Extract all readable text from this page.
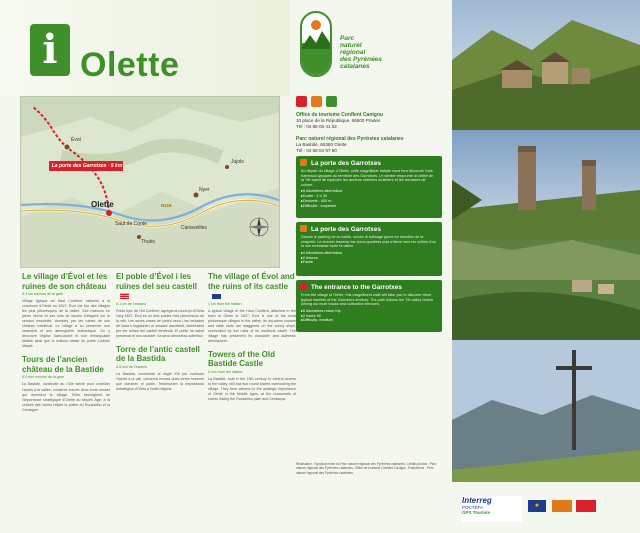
i Olette
La porte des Garrotxes · 5 km
Olette
Évol
Jujols
Saut de Conte
Nyer
Thuès
Canaveilles
N116
Parc
naturel
régional
des Pyrénées
catalanes
Office de tourisme Conflent Canigou
10 place de la République, 66500 Prades
Tél : 04 68 05 41 02
Parc naturel régional des Pyrénées catalanes
La Bastide, 66360 Olette
Tél : 04 68 04 97 60
La porte des Garrotxes
Au départ du village d’Olette, cette magnifique balade vous fera découvrir trois hameaux typiques du territoire des Garrotxes. Le sentier emprunte la vallée de la Têt avant de rejoindre les anciens chemins muletiers et les terrasses de culture.
▸ 5 kilomètres aller/retour
▸ Durée : 2 h 30
▸ Dénivelé : 400 m
▸ Difficulté : moyenne
La porte des Garrotxes
Depuis le parking de la mairie, suivez le balisage jaune en direction de la chapelle. Le chemin traverse les vieux quartiers puis s’élève vers les crêtes d’où la vue embrasse toute la vallée.
▸ 4 kilomètres aller/retour
▸ 2 heures
▸ Facile
The entrance to the Garrotxes
From the village of Olette, this magnificent walk will take you to discover three typical hamlets of the Garrotxes territory. The path follows the Têt valley before joining old mule tracks and cultivation terraces.
▸ 5 kilometres return trip
▸ 2 hours 30
▸ Difficulty: medium
Réalisation : Syndicat mixte du Parc naturel régional des Pyrénées catalanes. Crédits photos : Parc naturel régional des Pyrénées catalanes, Office de tourisme Conflent Canigou. Traductions : Parc naturel régional des Pyrénées catalanes.
Le village d’Évol et les ruines de son château
À 1 km environ de la gare
Village typique du Haut Conflent, rattaché à la commune d’Olette en 1827, Évol est l’un des villages les plus pittoresques de la vallée. Ses maisons en pierre sèche et ses toits de lauzes s’étagent sur le versant ensoleillé, dominés par les ruines de son château médiéval. Le village a su préserver son caractère et son atmosphère authentique. On y découvre l’église Saint-André et son remarquable retable ainsi que la maison natale du poète Ludovic Massé.
Tours de l’ancien château de la Bastide
À 5 min environ de la gare
La Bastide, construite au XIIIe siècle pour contrôler l’accès à la vallée, conserve encore deux tours rondes qui dominent le village. Elles témoignent de l’importance stratégique d’Olette au Moyen Âge, à la croisée des routes reliant la plaine du Roussillon et la Cerdagne.
El poble d’Évol i les ruïnes del seu castell
A 1 km de l’estació
Poble típic de l’Alt Conflent, agregat al municipi d’Oleta l’any 1827, Évol és un dels pobles més pintorescos de la vall. Les seves cases de pedra seca i les teulades de llosa s’esglaonen al vessant assolellat, dominades per les ruïnes del castell medieval. El poble ha sabut preservar el seu caràcter i la seva atmosfera autèntica.
Torre de l’antic castell de la Bastida
A 5 min de l’estació
La Bastida, construïda al segle XIII per controlar l’accés a la vall, conserva encara dues torres rodones que dominen el poble. Testimonien la importància estratègica d’Oleta a l’edat mitjana.
The village of Évol and the ruins of its castle
1 km from the station
A typical village of the Haut Conflent, attached to the town of Olette in 1827, Évol is one of the most picturesque villages in the valley. Its dry-stone houses and slate roofs are staggered on the sunny slope, overlooked by the ruins of its medieval castle. The village has preserved its character and authentic atmosphere.
Towers of the Old Bastide Castle
5 min from the station
La Bastide, built in the 13th century to control access to the valley, still has two round towers overlooking the village. They bear witness to the strategic importance of Olette in the Middle Ages, at the crossroads of routes linking the Roussillon plain and Cerdanya.
Interreg
POCTEFA
GPS Tourism
★
